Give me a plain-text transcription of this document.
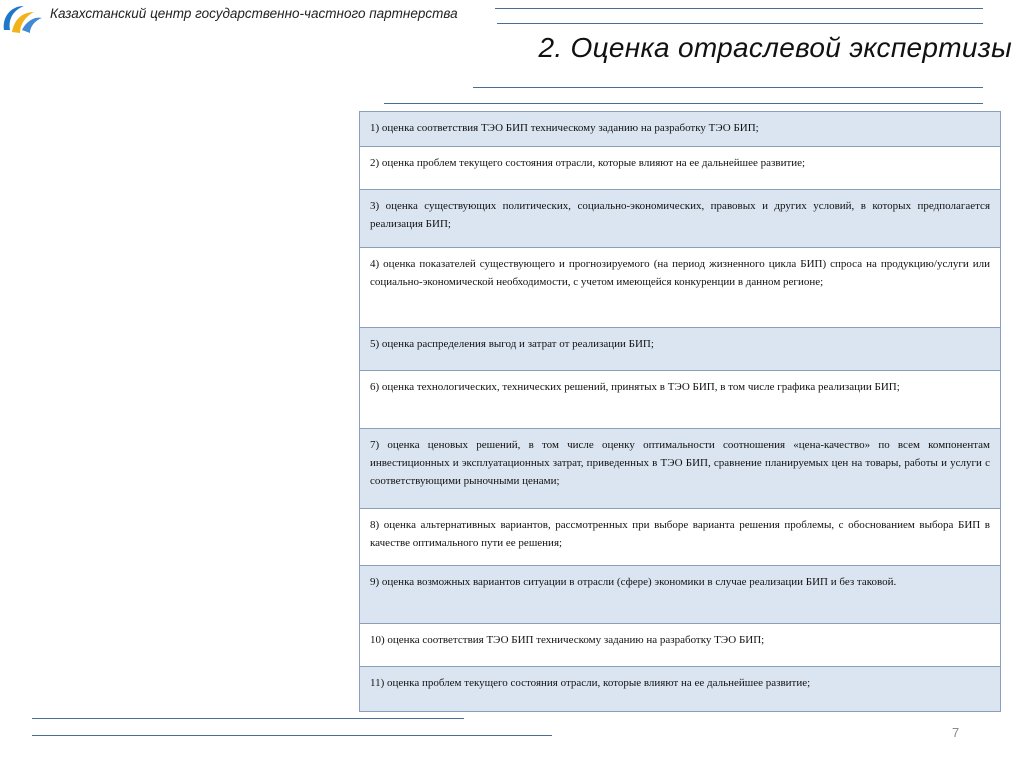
Казахстанский центр государственно-частного партнерства
2. Оценка отраслевой экспертизы
1) оценка соответствия ТЭО БИП техническому заданию на разработку ТЭО БИП;
2) оценка проблем текущего состояния отрасли, которые влияют на ее дальнейшее развитие;
3) оценка существующих политических, социально-экономических, правовых и других условий, в которых предполагается реализация БИП;
4) оценка показателей существующего и прогнозируемого (на период жизненного цикла БИП) спроса на продукцию/услуги или социально-экономической необходимости, с учетом имеющейся конкуренции в данном регионе;
5) оценка распределения выгод и затрат от реализации БИП;
6) оценка технологических, технических решений, принятых в ТЭО БИП, в том числе графика реализации БИП;
7) оценка ценовых решений, в том числе оценку оптимальности соотношения «цена-качество» по всем компонентам инвестиционных и эксплуатационных затрат, приведенных в ТЭО БИП, сравнение планируемых цен на товары, работы и услуги с соответствующими рыночными ценами;
8) оценка альтернативных вариантов, рассмотренных при выборе варианта решения проблемы, с обоснованием выбора БИП в качестве оптимального пути ее решения;
9) оценка возможных вариантов ситуации в отрасли (сфере) экономики в случае реализации БИП и без таковой.
10) оценка соответствия ТЭО БИП техническому заданию на разработку ТЭО БИП;
11) оценка проблем текущего состояния отрасли, которые влияют на ее дальнейшее развитие;
7
